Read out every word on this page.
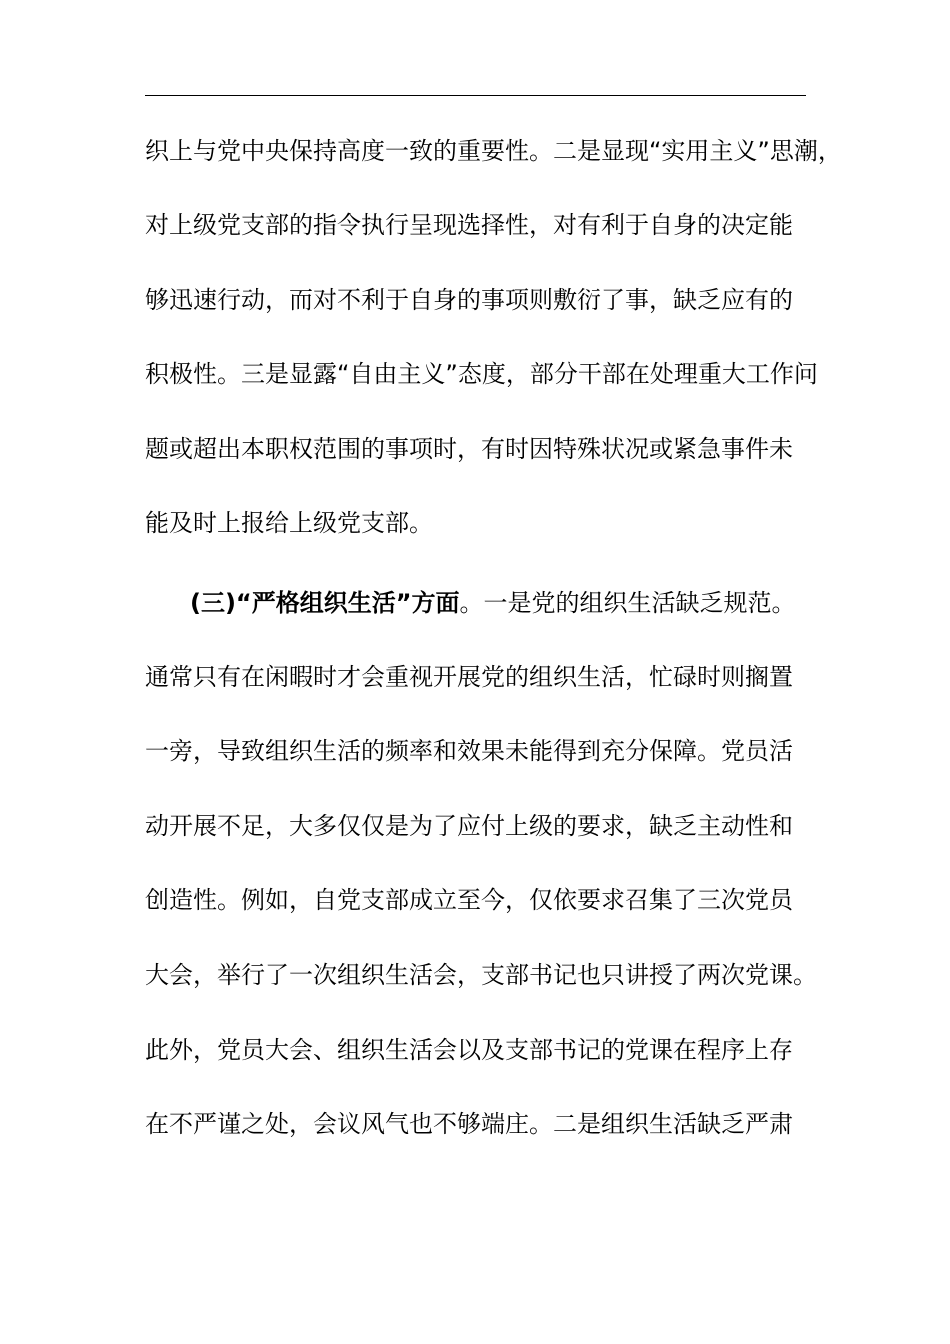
织上与党中央保持高度一致的重要性。二是显现“实用主义”思潮，
对上级党支部的指令执行呈现选择性，对有利于自身的决定能
够迅速行动，而对不利于自身的事项则敷衍了事，缺乏应有的
积极性。三是显露“自由主义”态度，部分干部在处理重大工作问
题或超出本职权范围的事项时，有时因特殊状况或紧急事件未
能及时上报给上级党支部。
(三)“严格组织生活”方面。一是党的组织生活缺乏规范。
通常只有在闲暇时才会重视开展党的组织生活，忙碌时则搁置
一旁，导致组织生活的频率和效果未能得到充分保障。党员活
动开展不足，大多仅仅是为了应付上级的要求，缺乏主动性和
创造性。例如，自党支部成立至今，仅依要求召集了三次党员
大会，举行了一次组织生活会，支部书记也只讲授了两次党课。
此外，党员大会、组织生活会以及支部书记的党课在程序上存
在不严谨之处，会议风气也不够端庄。二是组织生活缺乏严肃
